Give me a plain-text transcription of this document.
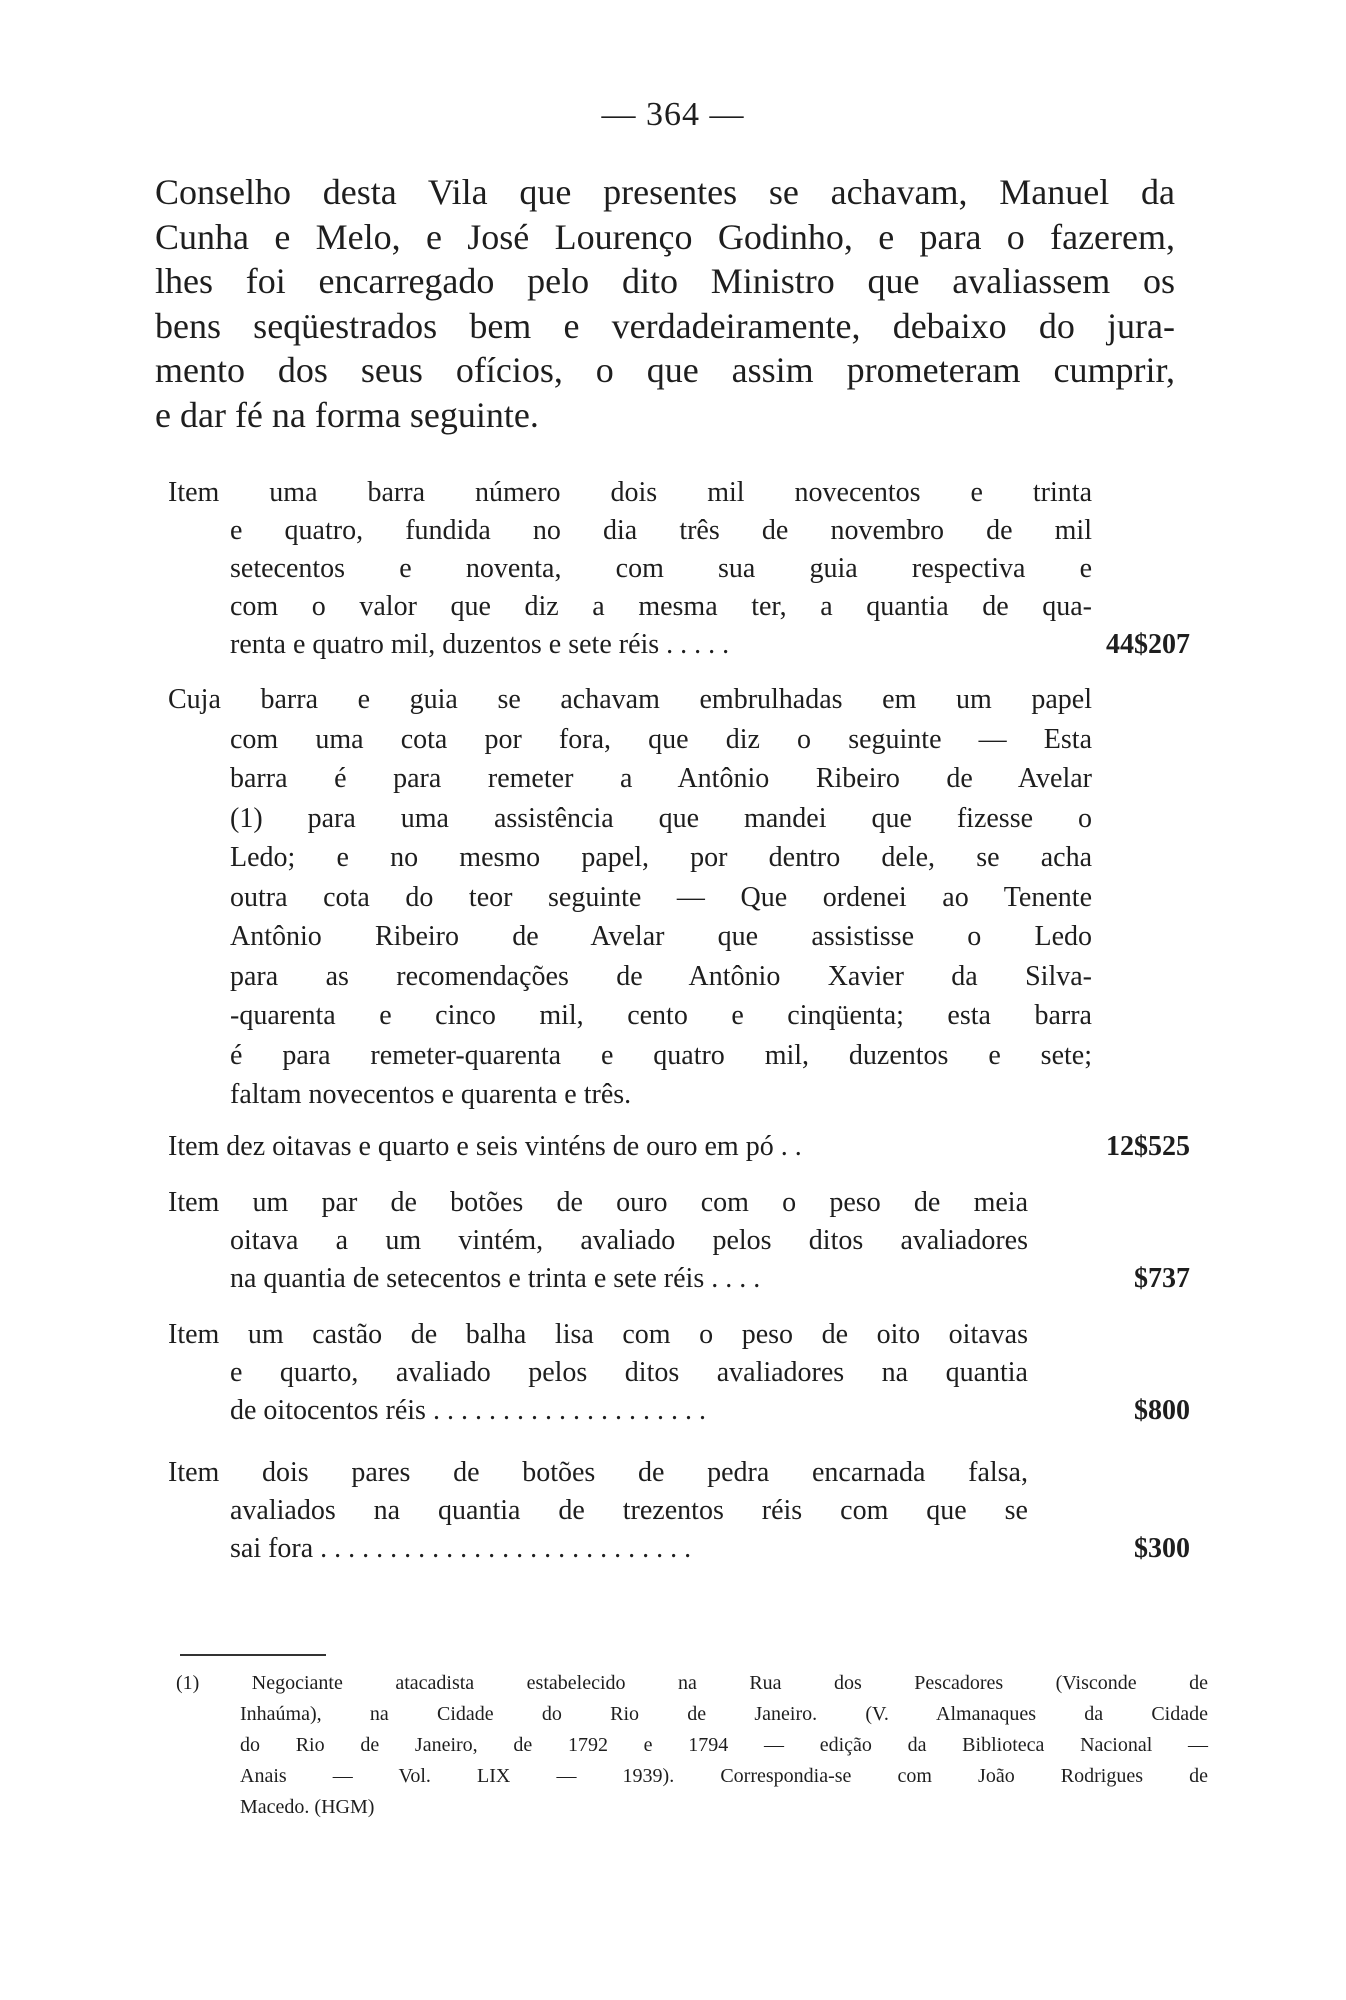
— 364 —
Conselho desta Vila que presentes se achavam, Manuel da
Cunha e Melo, e José Lourenço Godinho, e para o fazerem,
lhes foi encarregado pelo dito Ministro que avaliassem os
bens seqüestrados bem e verdadeiramente, debaixo do jura-
mento dos seus ofícios, o que assim prometeram cumprir,
e dar fé na forma seguinte.
Item uma barra número dois mil novecentos e trinta
e quatro, fundida no dia três de novembro de mil
setecentos e noventa, com sua guia respectiva e
com o valor que diz a mesma ter, a quantia de qua-
renta e quatro mil, duzentos e sete réis . . . . .	44$207
Cuja barra e guia se achavam embrulhadas em um papel
com uma cota por fora, que diz o seguinte — Esta
barra é para remeter a Antônio Ribeiro de Avelar
(1) para uma assistência que mandei que fizesse o
Ledo; e no mesmo papel, por dentro dele, se acha
outra cota do teor seguinte — Que ordenei ao Tenente
Antônio Ribeiro de Avelar que assistisse o Ledo
para as recomendações de Antônio Xavier da Silva-
-quarenta e cinco mil, cento e cinqüenta; esta barra
é para remeter-quarenta e quatro mil, duzentos e sete;
faltam novecentos e quarenta e três.
Item dez oitavas e quarto e seis vinténs de ouro em pó . .	12$525
Item um par de botões de ouro com o peso de meia
oitava a um vintém, avaliado pelos ditos avaliadores
na quantia de setecentos e trinta e sete réis . . . .	$737
Item um castão de balha lisa com o peso de oito oitavas
e quarto, avaliado pelos ditos avaliadores na quantia
de oitocentos réis . . . . . . . . . . . . . . . . . . . .	$800
Item dois pares de botões de pedra encarnada falsa,
avaliados na quantia de trezentos réis com que se
sai fora . . . . . . . . . . . . . . . . . . . . . . . . . . .	$300
(1) Negociante atacadista estabelecido na Rua dos Pescadores (Visconde de
Inhaúma), na Cidade do Rio de Janeiro. (V. Almanaques da Cidade
do Rio de Janeiro, de 1792 e 1794 — edição da Biblioteca Nacional —
Anais — Vol. LIX — 1939). Correspondia-se com João Rodrigues de
Macedo. (HGM)
